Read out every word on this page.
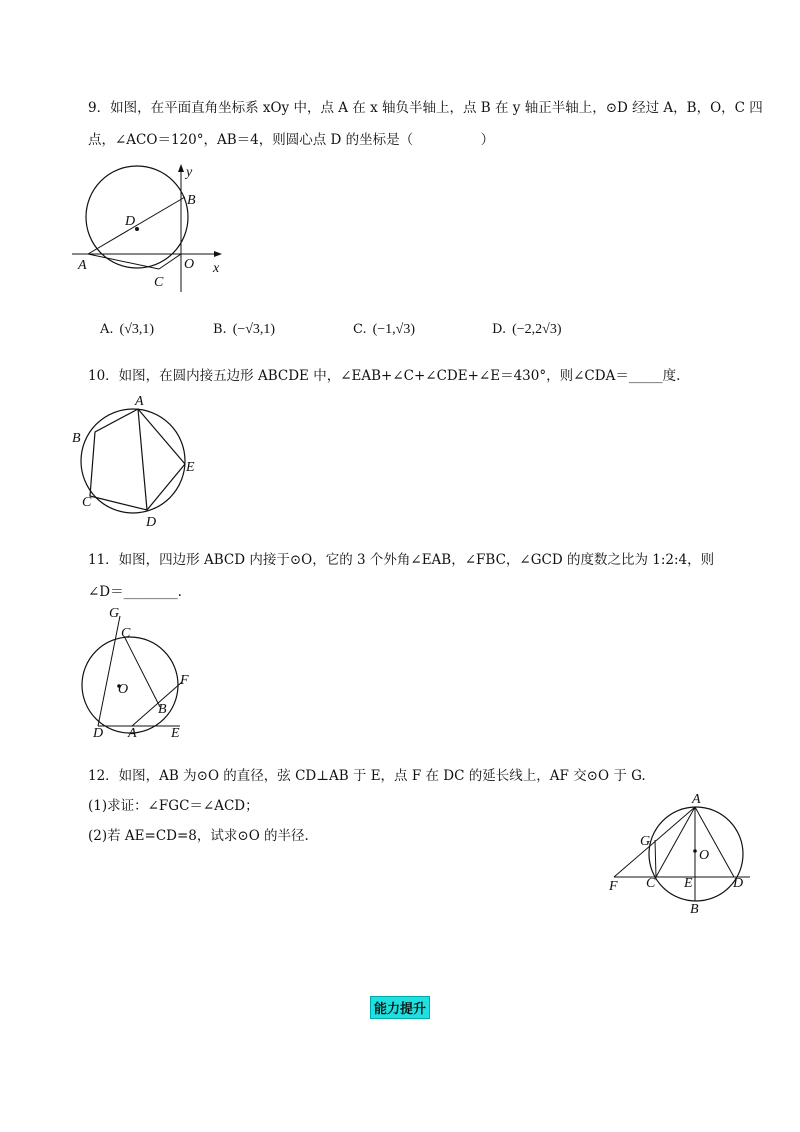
9．如图，在平面直角坐标系 xOy 中，点 A 在 x 轴负半轴上，点 B 在 y 轴正半轴上，⊙D 经过 A，B，O，C 四
点，∠ACO＝120°，AB＝4，则圆心点 D 的坐标是（　　　　　）
y
B
D
A	O x
C
A. (√3,1)	B. (−√3,1)	C. (−1,√3)	D. (−2,2√3)
10．如图，在圆内接五边形 ABCDE 中，∠EAB+∠C+∠CDE+∠E＝430°，则∠CDA＝_____度.
A
B
E
C
D
11．如图，四边形 ABCD 内接于⊙O，它的 3 个外角∠EAB，∠FBC，∠GCD 的度数之比为 1:2:4，则
∠D＝________.
G
C
F
O
B
D A E
12．如图，AB 为⊙O 的直径，弦 CD⊥AB 于 E，点 F 在 DC 的延长线上，AF 交⊙O 于 G.
(1)求证：∠FGC＝∠ACD；
(2)若 AE=CD=8，试求⊙O 的半径.
A
G
O
F C E	D
B
能力提升
